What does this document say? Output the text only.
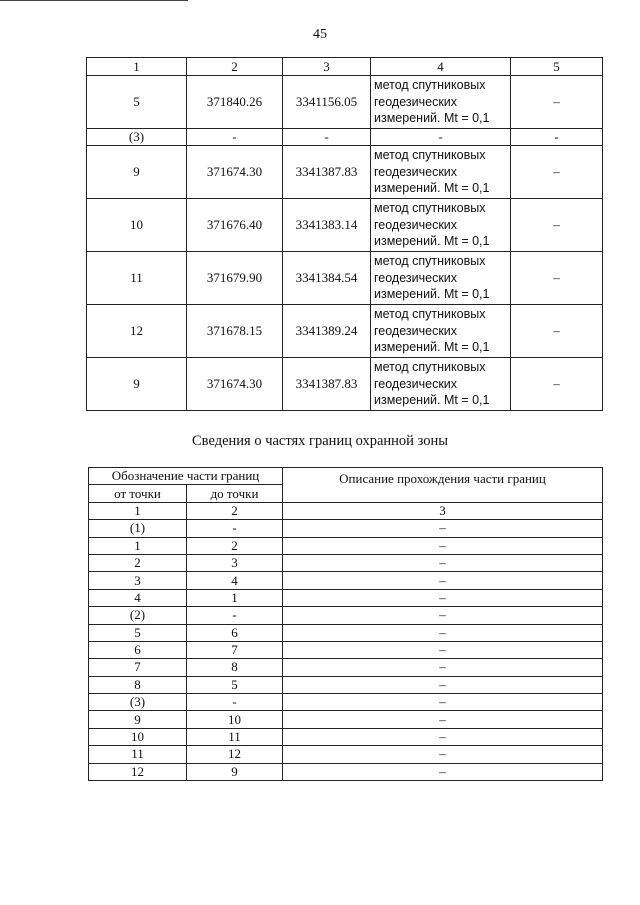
45
1	2	3	4	5
5	371840.26	3341156.05	метод спутниковых
геодезических
измерений. Mt = 0,1	–
(3)	-	-	-	-
9	371674.30	3341387.83	метод спутниковых
геодезических
измерений. Mt = 0,1	–
10	371676.40	3341383.14	метод спутниковых
геодезических
измерений. Mt = 0,1	–
11	371679.90	3341384.54	метод спутниковых
геодезических
измерений. Mt = 0,1	–
12	371678.15	3341389.24	метод спутниковых
геодезических
измерений. Mt = 0,1	–
9	371674.30	3341387.83	метод спутниковых
геодезических
измерений. Mt = 0,1	–
Сведения о частях границ охранной зоны
Обозначение части границ		Описание прохождения части границ
от точки	до точки	
1	2	3
(1)	-	–
1	2	–
2	3	–
3	4	–
4	1	–
(2)	-	–
5	6	–
6	7	–
7	8	–
8	5	–
(3)	-	–
9	10	–
10	11	–
11	12	–
12	9	–
